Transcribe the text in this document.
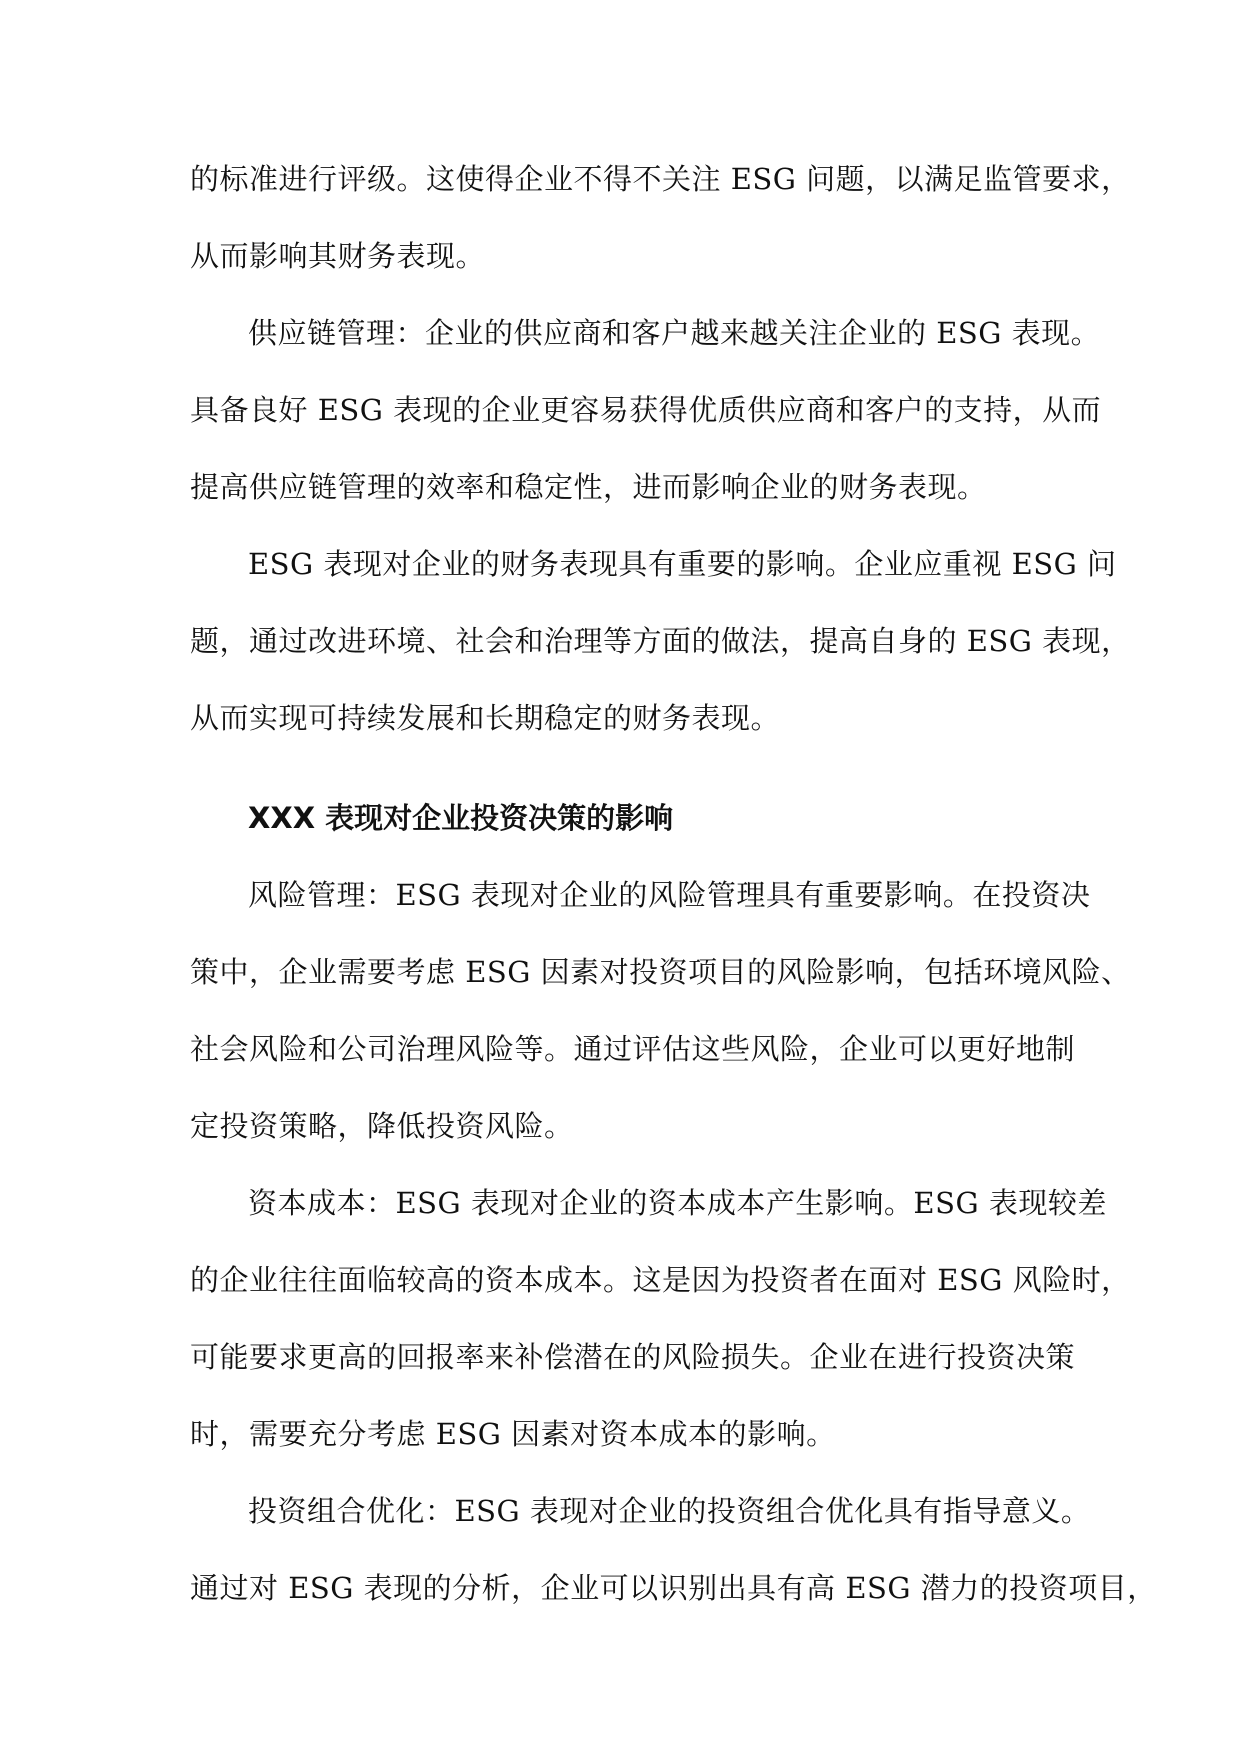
的标准进行评级。这使得企业不得不关注 ESG 问题，以满足监管要求，
从而影响其财务表现。

供应链管理：企业的供应商和客户越来越关注企业的 ESG 表现。
具备良好 ESG 表现的企业更容易获得优质供应商和客户的支持，从而
提高供应链管理的效率和稳定性，进而影响企业的财务表现。

ESG 表现对企业的财务表现具有重要的影响。企业应重视 ESG 问
题，通过改进环境、社会和治理等方面的做法，提高自身的 ESG 表现，
从而实现可持续发展和长期稳定的财务表现。

XXX 表现对企业投资决策的影响

风险管理：ESG 表现对企业的风险管理具有重要影响。在投资决
策中，企业需要考虑 ESG 因素对投资项目的风险影响，包括环境风险、
社会风险和公司治理风险等。通过评估这些风险，企业可以更好地制
定投资策略，降低投资风险。

资本成本：ESG 表现对企业的资本成本产生影响。ESG 表现较差
的企业往往面临较高的资本成本。这是因为投资者在面对 ESG 风险时，
可能要求更高的回报率来补偿潜在的风险损失。企业在进行投资决策
时，需要充分考虑 ESG 因素对资本成本的影响。

投资组合优化：ESG 表现对企业的投资组合优化具有指导意义。
通过对 ESG 表现的分析，企业可以识别出具有高 ESG 潜力的投资项目，
